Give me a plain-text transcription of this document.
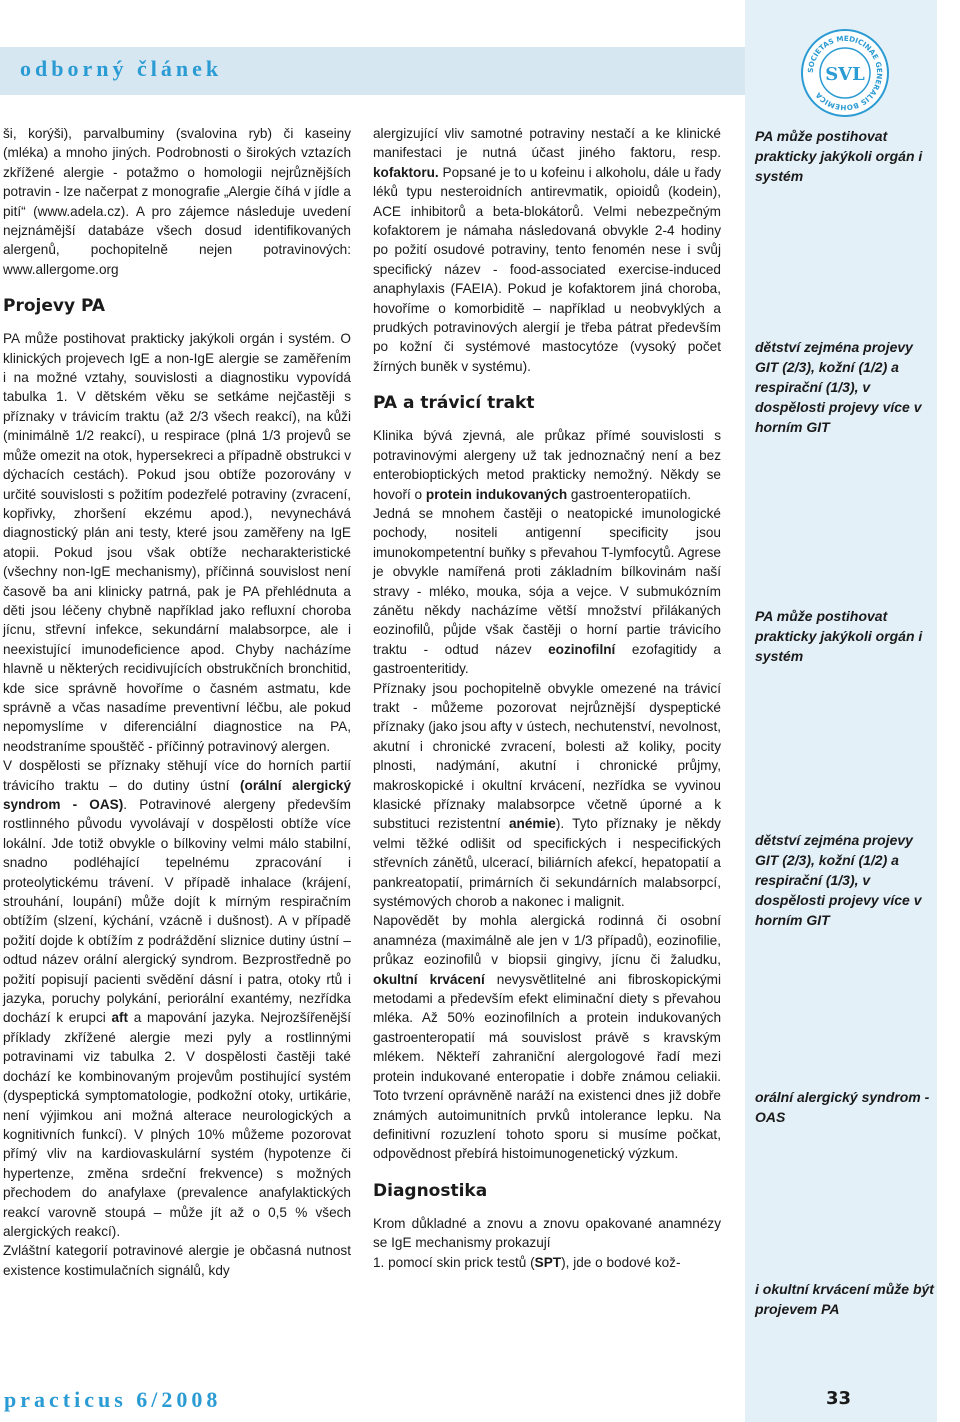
odborný článek	SOCIETAS MEDICINAE GENERALIS BOHEMICA
SVL

ši, korýši), parvalbuminy (svalovina ryb) či kaseiny (mléka) a mnoho jiných. Podrobnosti o širokých vztazích zkřížené alergie - potažmo o homologii nejrůznějších potravin - lze načerpat z monografie „Alergie číhá v jídle a pití“ (www.adela.cz). A pro zájemce následuje uvedení nejznámější databáze všech dosud identifikovaných alergenů, pochopitelně nejen potravinových: www.allergome.org

Projevy PA

PA může postihovat prakticky jakýkoli orgán i systém. O klinických projevech IgE a non-IgE alergie se zaměřením i na možné vztahy, souvislosti a diagnostiku vypovídá tabulka 1. V dětském věku se setkáme nejčastěji s příznaky v trávicím traktu (až 2/3 všech reakcí), na kůži (minimálně 1/2 reakcí), u respirace (plná 1/3 projevů se může omezit na otok, hypersekreci a případně obstrukci v dýchacích cestách). Pokud jsou obtíže pozorovány v určité souvislosti s požitím podezřelé potraviny (zvracení, kopřivky, zhoršení ekzému apod.), nevynechává diagnostický plán ani testy, které jsou zaměřeny na IgE atopii. Pokud jsou však obtíže necharakteristické (všechny non-IgE mechanismy), příčinná souvislost není časově ba ani klinicky patrná, pak je PA přehlédnuta a děti jsou léčeny chybně například jako refluxní choroba jícnu, střevní infekce, sekundární malabsorpce, ale i neexistující imunodeficience apod. Chyby nacházíme hlavně u některých recidivujících obstrukčních bronchitid, kde sice správně hovoříme o časném astmatu, kde správně a včas nasadíme preventivní léčbu, ale pokud nepomyslíme v diferenciální diagnostice na PA, neodstraníme spouštěč - příčinný potravinový alergen.

V dospělosti se příznaky stěhují více do horních partií trávicího traktu – do dutiny ústní (orální alergický syndrom - OAS). Potravinové alergeny především rostlinného původu vyvolávají v dospělosti obtíže více lokální. Jde totiž obvykle o bílkoviny velmi málo stabilní, snadno podléhající tepelnému zpracování i proteolytickému trávení. V případě inhalace (krájení, strouhání, loupání) může dojít k mírným respiračním obtížím (slzení, kýchání, vzácně i dušnost). A v případě požití dojde k obtížím z podráždění sliznice dutiny ústní – odtud název orální alergický syndrom. Bezprostředně po požití popisují pacienti svědění dásní i patra, otoky rtů i jazyka, poruchy polykání, periorální exantémy, nezřídka dochází k erupci aft a mapování jazyka. Nejrozšířenější příklady zkřížené alergie mezi pyly a rostlinnými potravinami viz tabulka 2. V dospělosti častěji také dochází ke kombinovaným projevům postihující systém (dyspeptická symptomatologie, podkožní otoky, urtikárie, není výjimkou ani možná alterace neurologických a kognitivních funkcí). V plných 10% můžeme pozorovat přímý vliv na kardiovaskulární systém (hypotenze či hypertenze, změna srdeční frekvence) s možných přechodem do anafylaxe (prevalence anafylaktických reakcí varovně stoupá – může jít až o 0,5 % všech alergických reakcí).

Zvláštní kategorií potravinové alergie je občasná nutnost existence kostimulačních signálů, kdy

alergizující vliv samotné potraviny nestačí a ke klinické manifestaci je nutná účast jiného faktoru, resp. kofaktoru. Popsané je to u kofeinu i alkoholu, dále u řady léků typu nesteroidních antirevmatik, opioidů (kodein), ACE inhibitorů a beta-blokátorů. Velmi nebezpečným kofaktorem je námaha následovaná obvykle 2-4 hodiny po požití osudové potraviny, tento fenomén nese i svůj specifický název - food-associated exercise-induced anaphylaxis (FAEIA). Pokud je kofaktorem jiná choroba, hovoříme o komorbiditě – například u neobvyklých a prudkých potravinových alergií je třeba pátrat především po kožní či systémové mastocytóze (vysoký počet žírných buněk v systému).

PA a trávicí trakt

Klinika bývá zjevná, ale průkaz přímé souvislosti s potravinovými alergeny už tak jednoznačný není a bez enterobioptických metod prakticky nemožný. Někdy se hovoří o protein indukovaných gastroenteropatiích.

Jedná se mnohem častěji o neatopické imunologické pochody, nositeli antigenní specificity jsou imunokompetentní buňky s převahou T-lymfocytů. Agrese je obvykle namířená proti základním bílkovinám naší stravy - mléko, mouka, sója a vejce. V submukózním zánětu někdy nacházíme větší množství přilákaných eozinofilů, půjde však častěji o horní partie trávicího traktu - odtud název eozinofilní ezofagitidy a gastroenteritidy.

Příznaky jsou pochopitelně obvykle omezené na trávicí trakt - můžeme pozorovat nejrůznější dyspeptické příznaky (jako jsou afty v ústech, nechutenství, nevolnost, akutní i chronické zvracení, bolesti až koliky, pocity plnosti, nadýmání, akutní i chronické průjmy, makroskopické i okultní krvácení, nezřídka se vyvinou klasické příznaky malabsorpce včetně úporné a k substituci rezistentní anémie). Tyto příznaky je někdy velmi těžké odlišit od specifických i nespecifických střevních zánětů, ulcerací, biliárních afekcí, hepatopatií a pankreatopatií, primárních či sekundárních malabsorpcí, systémových chorob a nakonec i malignit.

Napovědět by mohla alergická rodinná či osobní anamnéza (maximálně ale jen v 1/3 případů), eozinofilie, průkaz eozinofilů v biopsii gingivy, jícnu či žaludku, okultní krvácení nevysvětlitelné ani fibroskopickými metodami a především efekt eliminační diety s převahou mléka. Až 50% eozinofilních a protein indukovaných gastroenteropatií má souvislost právě s kravským mlékem. Někteří zahraniční alergologové řadí mezi protein indukované enteropatie i dobře známou celiakii. Toto tvrzení oprávněně naráží na existenci dnes již dobře známých autoimunitních prvků intolerance lepku. Na definitivní rozuzlení tohoto sporu si musíme počkat, odpovědnost přebírá histoimunogenetický výzkum.

Diagnostika

Krom důkladné a znovu a znovu opakované anamnézy se IgE mechanismy prokazují

1. pomocí skin prick testů (SPT), jde o bodové kož-

PA může postihovat prakticky jakýkoli orgán i systém
dětství zejména projevy GIT (2/3), kožní (1/2) a respirační (1/3), v dospělosti projevy více v horním GIT
PA může postihovat prakticky jakýkoli orgán i systém
dětství zejména projevy GIT (2/3), kožní (1/2) a respirační (1/3), v dospělosti projevy více v horním GIT
orální alergický syndrom - OAS
i okultní krvácení může být projevem PA
practicus 6/2008	33
